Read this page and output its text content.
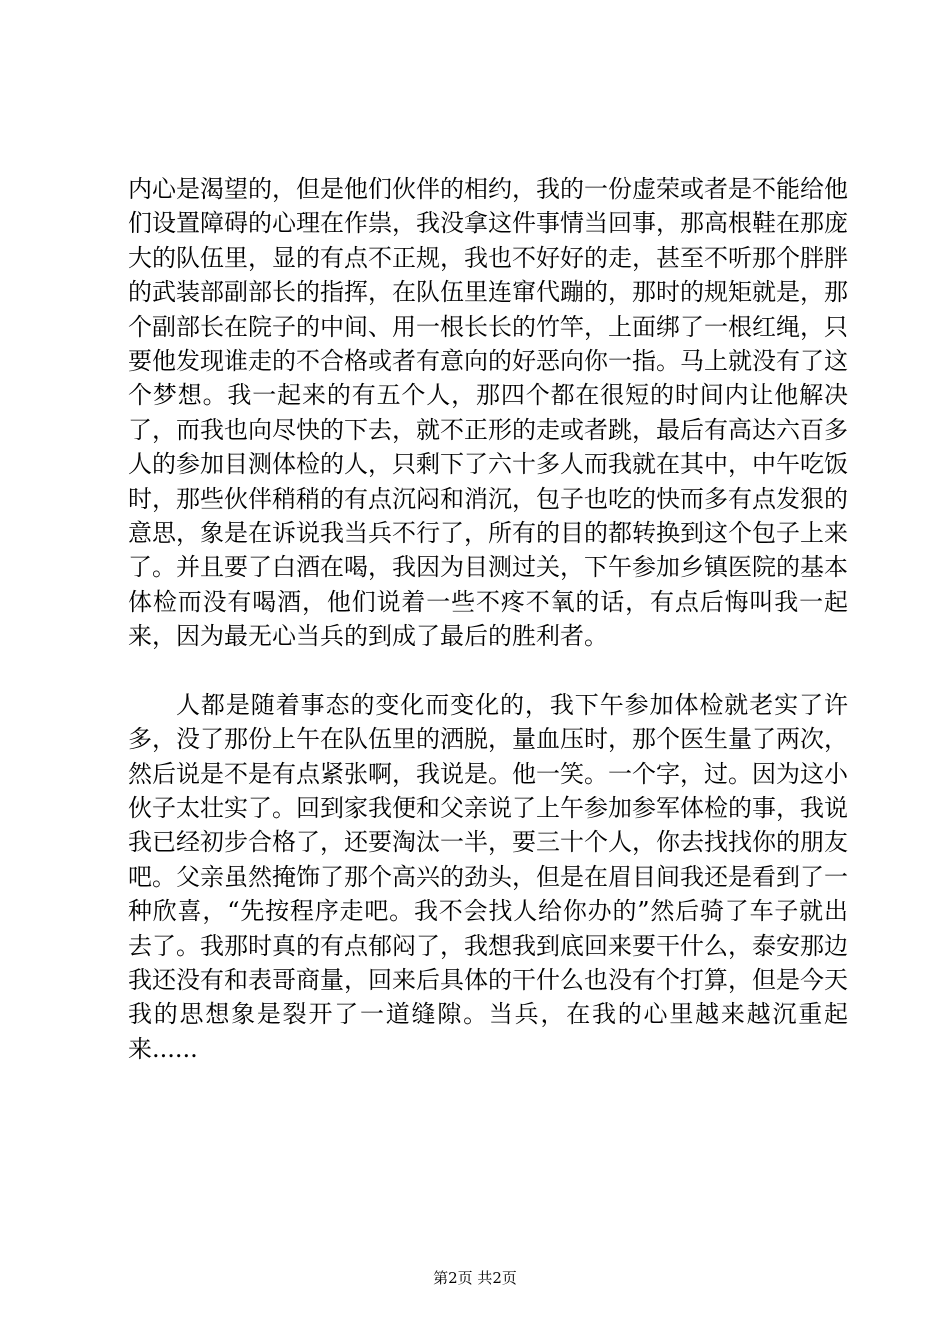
内心是渴望的，但是他们伙伴的相约，我的一份虚荣或者是不能给他们设置障碍的心理在作祟，我没拿这件事情当回事，那高根鞋在那庞大的队伍里，显的有点不正规，我也不好好的走，甚至不听那个胖胖的武装部副部长的指挥，在队伍里连窜代蹦的，那时的规矩就是，那个副部长在院子的中间、用一根长长的竹竿，上面绑了一根红绳，只要他发现谁走的不合格或者有意向的好恶向你一指。马上就没有了这个梦想。我一起来的有五个人，那四个都在很短的时间内让他解决了，而我也向尽快的下去，就不正形的走或者跳，最后有高达六百多人的参加目测体检的人，只剩下了六十多人而我就在其中，中午吃饭时，那些伙伴稍稍的有点沉闷和消沉，包子也吃的快而多有点发狠的意思，象是在诉说我当兵不行了，所有的目的都转换到这个包子上来了。并且要了白酒在喝，我因为目测过关，下午参加乡镇医院的基本体检而没有喝酒，他们说着一些不疼不氧的话，有点后悔叫我一起来，因为最无心当兵的到成了最后的胜利者。

人都是随着事态的变化而变化的，我下午参加体检就老实了许多，没了那份上午在队伍里的洒脱，量血压时，那个医生量了两次，然后说是不是有点紧张啊，我说是。他一笑。一个字，过。因为这小伙子太壮实了。回到家我便和父亲说了上午参加参军体检的事，我说我已经初步合格了，还要淘汰一半，要三十个人，你去找找你的朋友吧。父亲虽然掩饰了那个高兴的劲头，但是在眉目间我还是看到了一种欣喜，“先按程序走吧。我不会找人给你办的”然后骑了车子就出去了。我那时真的有点郁闷了，我想我到底回来要干什么，泰安那边我还没有和表哥商量，回来后具体的干什么也没有个打算，但是今天我的思想象是裂开了一道缝隙。当兵，在我的心里越来越沉重起来......

第2页 共2页
